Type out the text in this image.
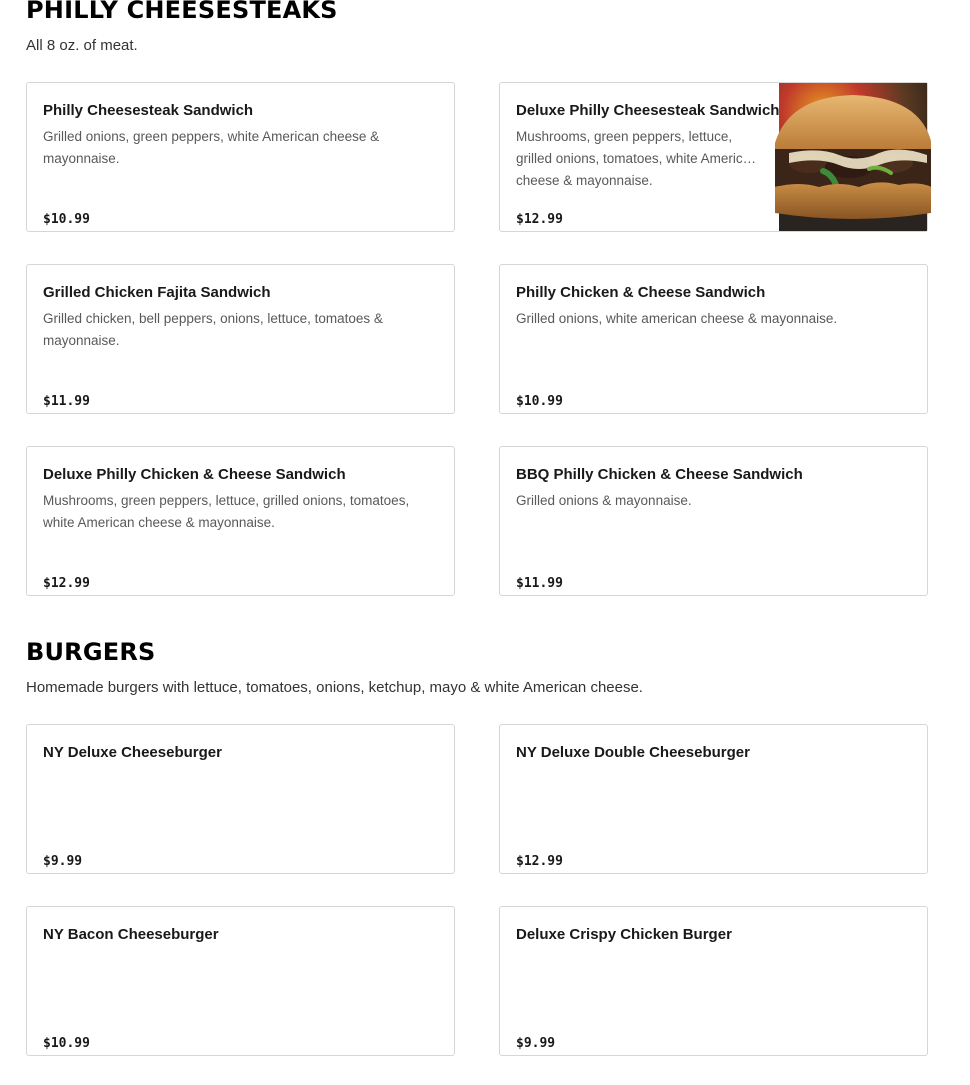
PHILLY CHEESESTEAKS

All 8 oz. of meat.

Philly Cheesesteak Sandwich
Grilled onions, green peppers, white American cheese & mayonnaise.
$10.99
Deluxe Philly Cheesesteak Sandwich
Mushrooms, green peppers, lettuce, grilled onions, tomatoes, white American cheese & mayonnaise.
$12.99
Grilled Chicken Fajita Sandwich
Grilled chicken, bell peppers, onions, lettuce, tomatoes & mayonnaise.
$11.99
Philly Chicken & Cheese Sandwich
Grilled onions, white american cheese & mayonnaise.
$10.99
Deluxe Philly Chicken & Cheese Sandwich
Mushrooms, green peppers, lettuce, grilled onions, tomatoes, white American cheese & mayonnaise.
$12.99
BBQ Philly Chicken & Cheese Sandwich
Grilled onions & mayonnaise.
$11.99
BURGERS

Homemade burgers with lettuce, tomatoes, onions, ketchup, mayo & white American cheese.

NY Deluxe Cheeseburger
$9.99
NY Deluxe Double Cheeseburger
$12.99
NY Bacon Cheeseburger
$10.99
Deluxe Crispy Chicken Burger
$9.99
